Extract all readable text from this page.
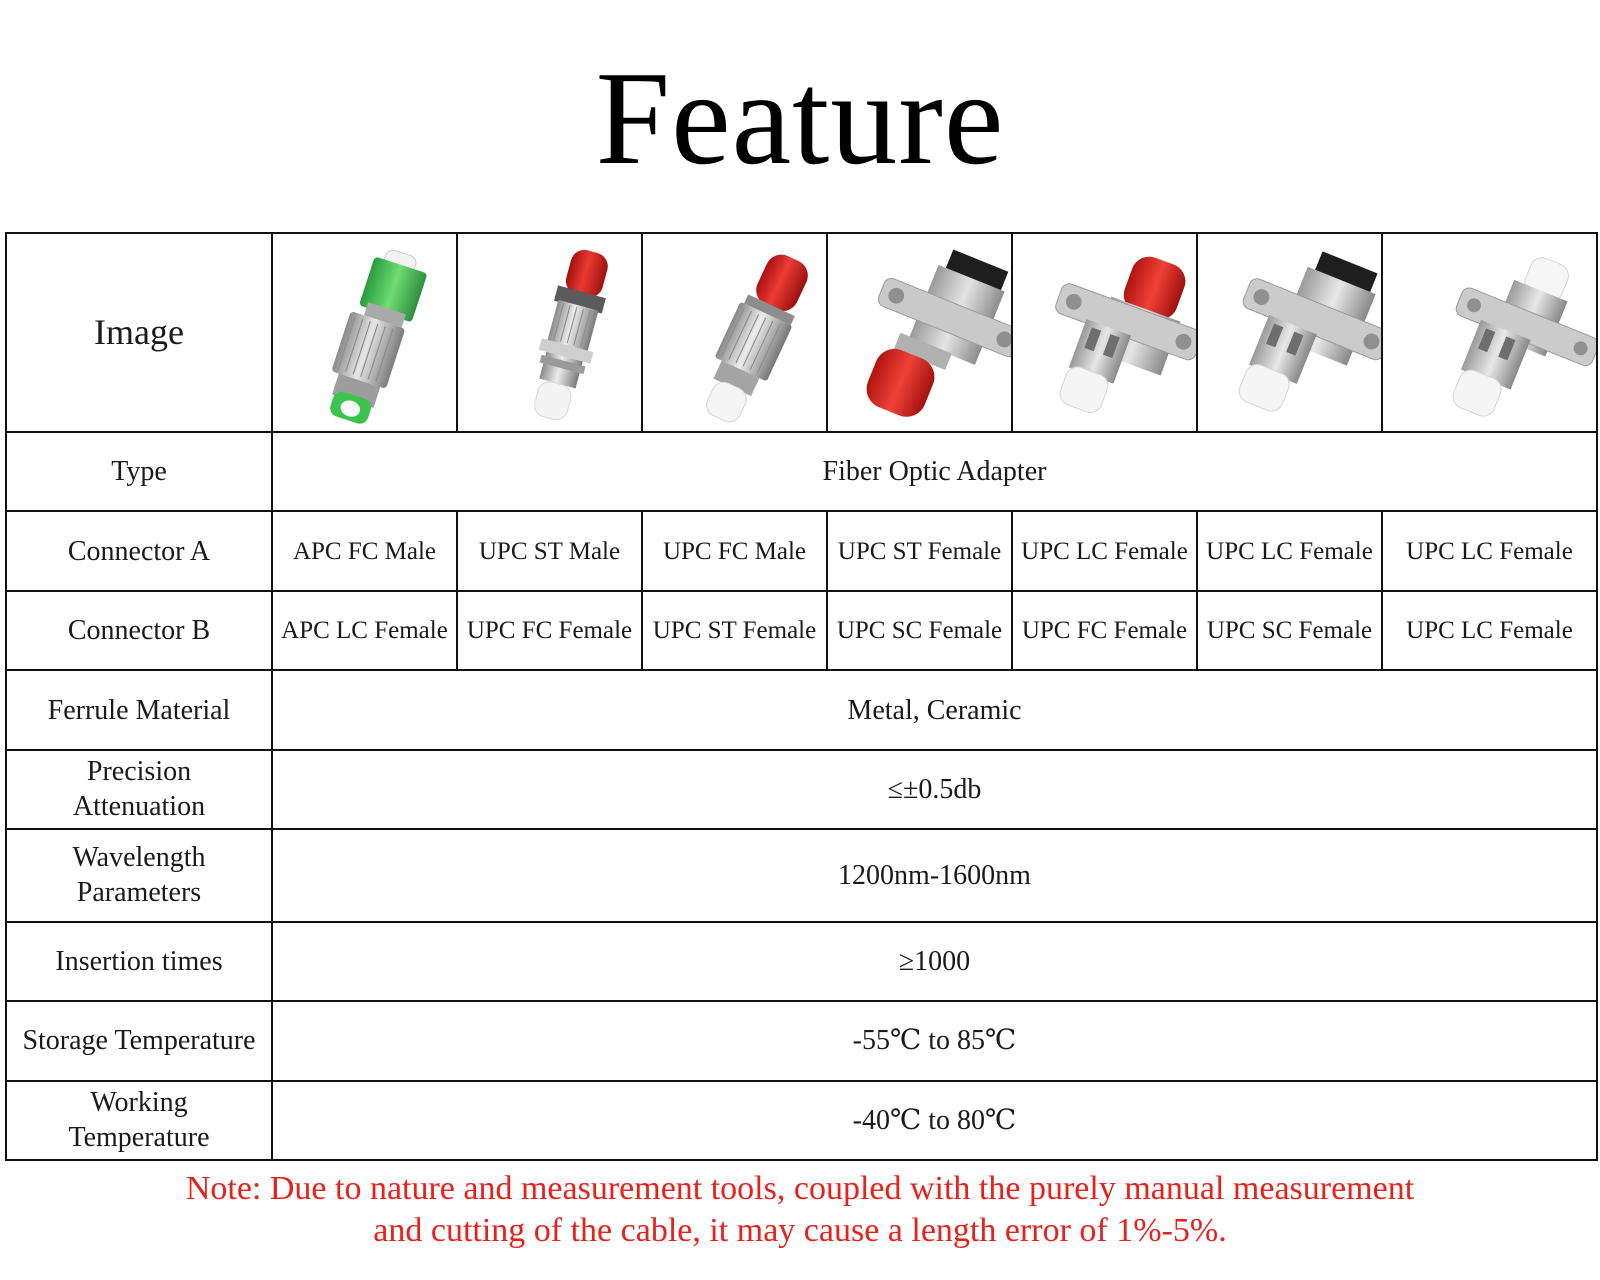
Feature
Image	

Type	Fiber Optic Adapter						
Connector A	APC FC Male	UPC ST Male	UPC FC Male	UPC ST Female	UPC LC Female	UPC LC Female	UPC LC Female
Connector B	APC LC Female	UPC FC Female	UPC ST Female	UPC SC Female	UPC FC Female	UPC SC Female	UPC LC Female
Ferrule Material	Metal, Ceramic						

Precision
Attenuation	≤±0.5db						

Wavelength
Parameters	1200nm-1600nm						
Insertion times	≥1000						
Storage Temperature	-55℃ to 85℃						

Working
Temperature	-40℃ to 80℃						
Note: Due to nature and measurement tools, coupled with the purely manual measurement
and cutting of the cable, it may cause a length error of 1%-5%.
